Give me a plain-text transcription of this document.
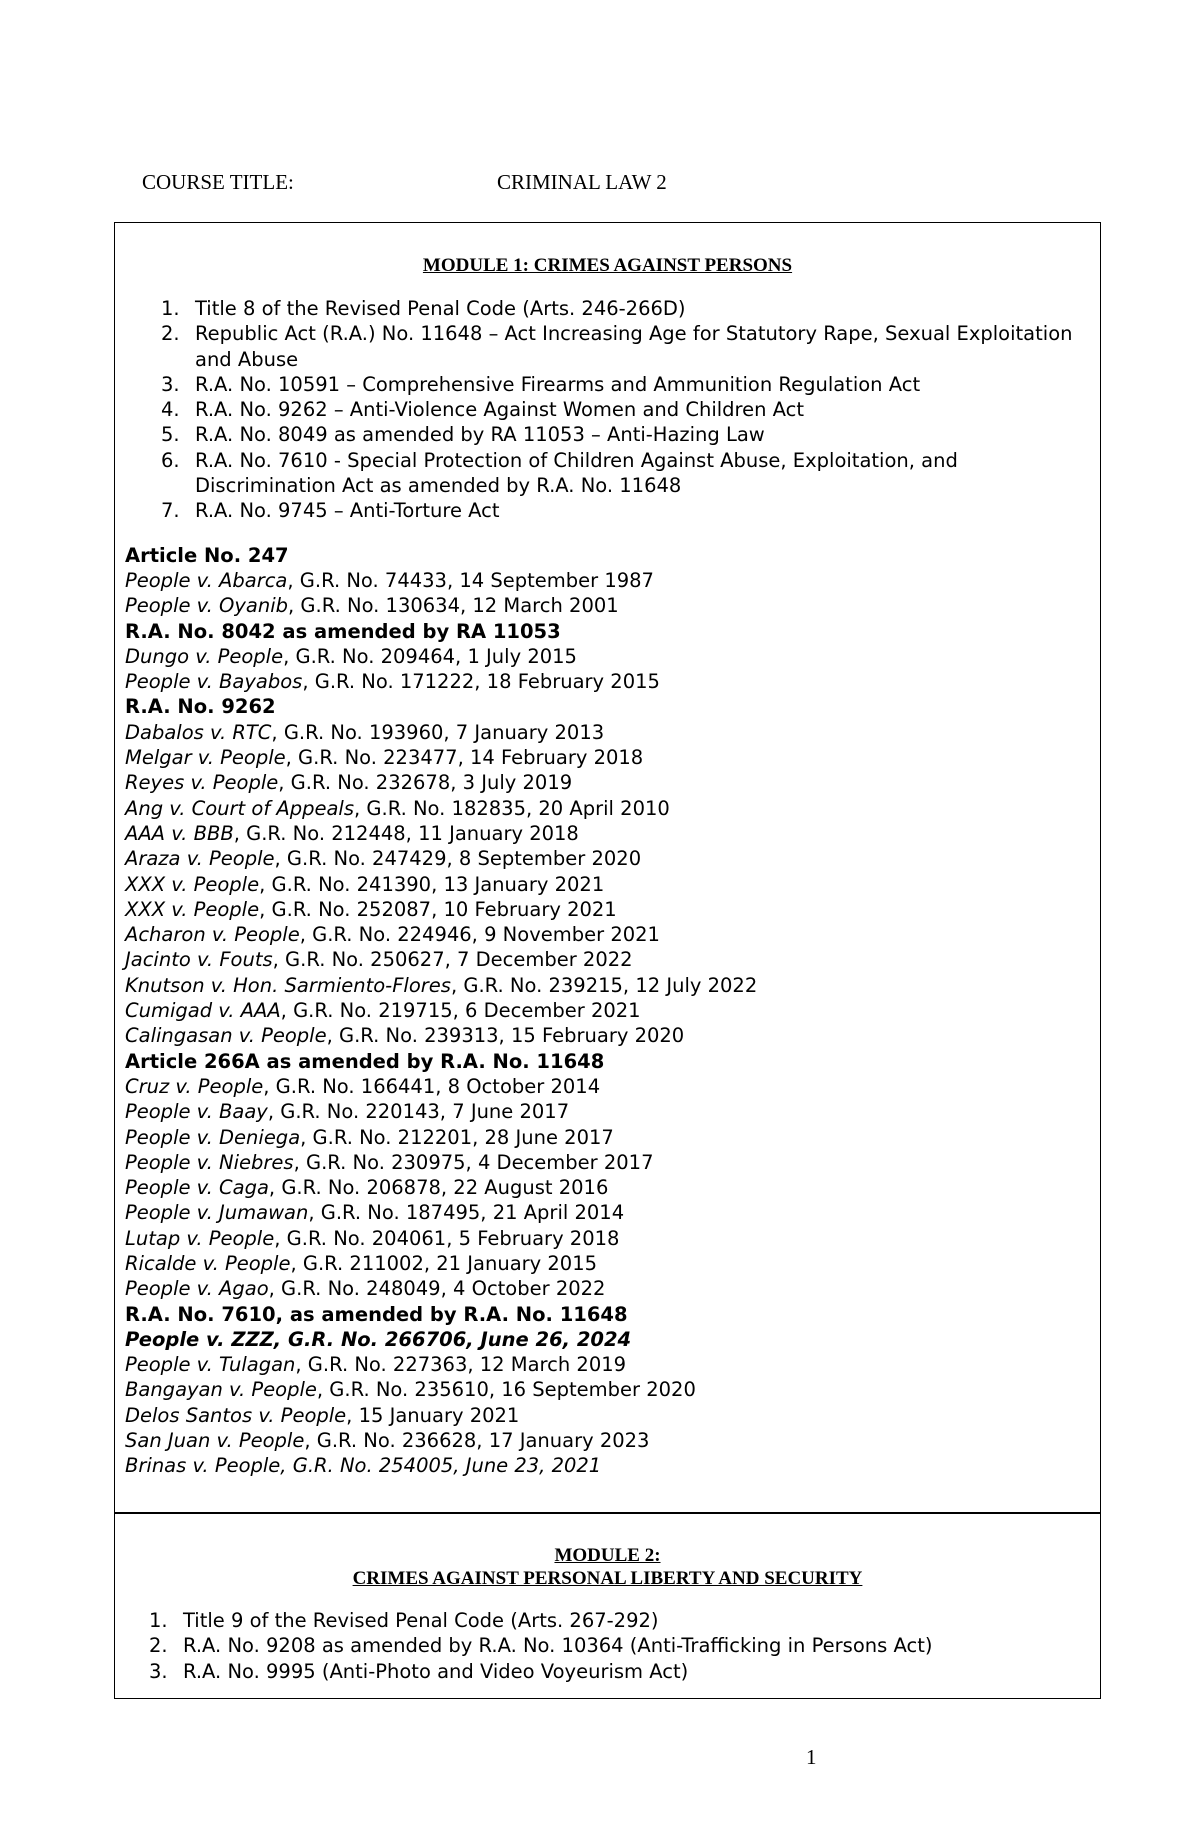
COURSE TITLE:	CRIMINAL LAW 2
MODULE 1: CRIMES AGAINST PERSONS
1. Title 8 of the Revised Penal Code (Arts. 246-266D)
2. Republic Act (R.A.) No. 11648 – Act Increasing Age for Statutory Rape, Sexual Exploitation and Abuse
3. R.A. No. 10591 – Comprehensive Firearms and Ammunition Regulation Act
4. R.A. No. 9262 – Anti-Violence Against Women and Children Act
5. R.A. No. 8049 as amended by RA 11053 – Anti-Hazing Law
6. R.A. No. 7610 - Special Protection of Children Against Abuse, Exploitation, and Discrimination Act as amended by R.A. No. 11648
7. R.A. No. 9745 – Anti-Torture Act
Article No. 247
People v. Abarca, G.R. No. 74433, 14 September 1987
People v. Oyanib, G.R. No. 130634, 12 March 2001
R.A. No. 8042 as amended by RA 11053
Dungo v. People, G.R. No. 209464, 1 July 2015
People v. Bayabos, G.R. No. 171222, 18 February 2015
R.A. No. 9262
Dabalos v. RTC, G.R. No. 193960, 7 January 2013
Melgar v. People, G.R. No. 223477, 14 February 2018
Reyes v. People, G.R. No. 232678, 3 July 2019
Ang v. Court of Appeals, G.R. No. 182835, 20 April 2010
AAA v. BBB, G.R. No. 212448, 11 January 2018
Araza v. People, G.R. No. 247429, 8 September 2020
XXX v. People, G.R. No. 241390, 13 January 2021
XXX v. People, G.R. No. 252087, 10 February 2021
Acharon v. People, G.R. No. 224946, 9 November 2021
Jacinto v. Fouts, G.R. No. 250627, 7 December 2022
Knutson v. Hon. Sarmiento-Flores, G.R. No. 239215, 12 July 2022
Cumigad v. AAA, G.R. No. 219715, 6 December 2021
Calingasan v. People, G.R. No. 239313, 15 February 2020
Article 266A as amended by R.A. No. 11648
Cruz v. People, G.R. No. 166441, 8 October 2014
People v. Baay, G.R. No. 220143, 7 June 2017
People v. Deniega, G.R. No. 212201, 28 June 2017
People v. Niebres, G.R. No. 230975, 4 December 2017
People v. Caga, G.R. No. 206878, 22 August 2016
People v. Jumawan, G.R. No. 187495, 21 April 2014
Lutap v. People, G.R. No. 204061, 5 February 2018
Ricalde v. People, G.R. 211002, 21 January 2015
People v. Agao, G.R. No. 248049, 4 October 2022
R.A. No. 7610, as amended by R.A. No. 11648
People v. ZZZ, G.R. No. 266706, June 26, 2024
People v. Tulagan, G.R. No. 227363, 12 March 2019
Bangayan v. People, G.R. No. 235610, 16 September 2020
Delos Santos v. People, 15 January 2021
San Juan v. People, G.R. No. 236628, 17 January 2023
Brinas v. People, G.R. No. 254005, June 23, 2021
MODULE 2:
CRIMES AGAINST PERSONAL LIBERTY AND SECURITY
1. Title 9 of the Revised Penal Code (Arts. 267-292)
2. R.A. No. 9208 as amended by R.A. No. 10364 (Anti-Trafficking in Persons Act)
3. R.A. No. 9995 (Anti-Photo and Video Voyeurism Act)
1
